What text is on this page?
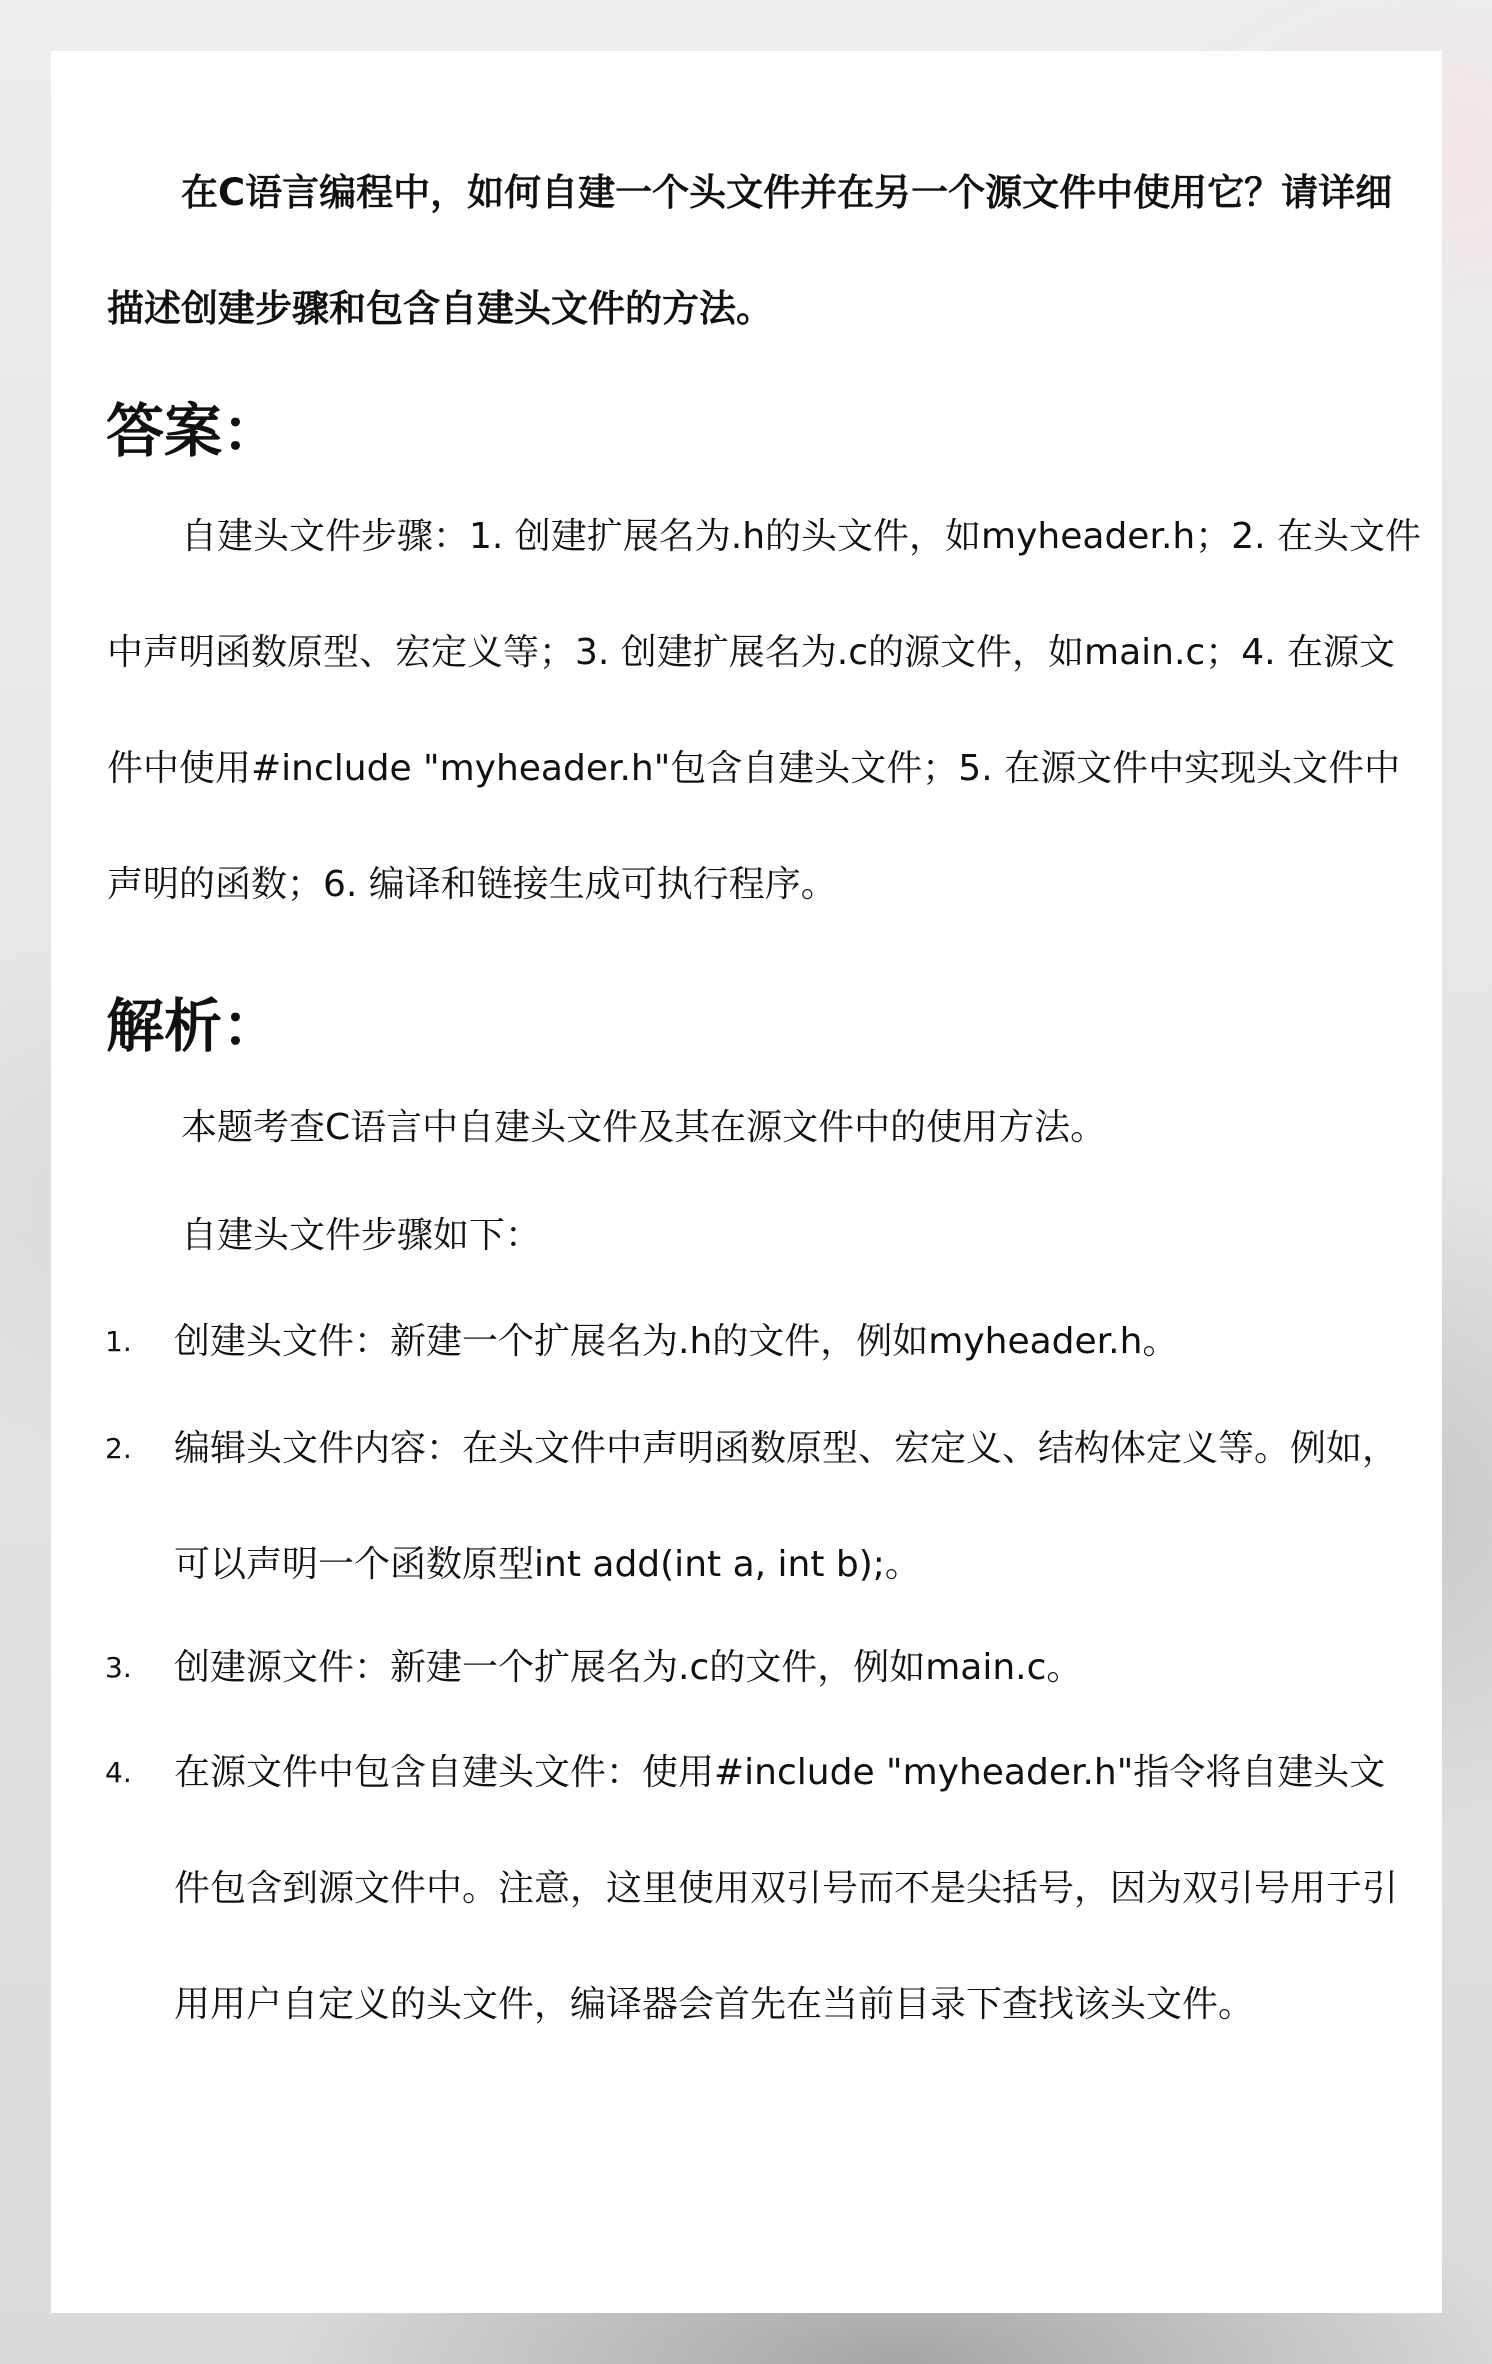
在C语言编程中，如何自建一个头文件并在另一个源文件中使用它？请详细描述创建步骤和包含自建头文件的方法。

答案：

自建头文件步骤：1. 创建扩展名为.h的头文件，如myheader.h；2. 在头文件中声明函数原型、宏定义等；3. 创建扩展名为.c的源文件，如main.c；4. 在源文件中使用#include "myheader.h"包含自建头文件；5. 在源文件中实现头文件中声明的函数；6. 编译和链接生成可执行程序。

解析：

本题考查C语言中自建头文件及其在源文件中的使用方法。

自建头文件步骤如下：

1. 创建头文件：新建一个扩展名为.h的文件，例如myheader.h。

2. 编辑头文件内容：在头文件中声明函数原型、宏定义、结构体定义等。例如，可以声明一个函数原型int add(int a, int b);。

3. 创建源文件：新建一个扩展名为.c的文件，例如main.c。

4. 在源文件中包含自建头文件：使用#include "myheader.h"指令将自建头文件包含到源文件中。注意，这里使用双引号而不是尖括号，因为双引号用于引用用户自定义的头文件，编译器会首先在当前目录下查找该头文件。
